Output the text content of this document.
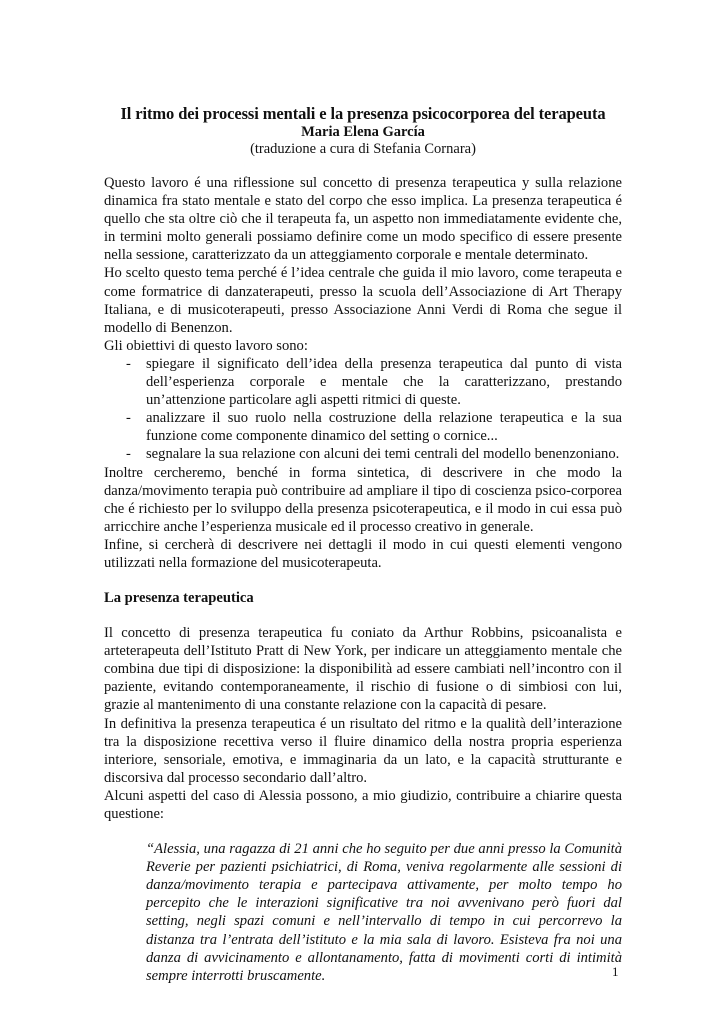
Il ritmo dei processi mentali e la presenza psicocorporea del terapeuta

Maria Elena García

(traduzione a cura di Stefania Cornara)

Questo lavoro é una riflessione sul concetto di presenza terapeutica y sulla relazione dinamica fra stato mentale e stato del corpo che esso implica. La presenza terapeutica é quello che sta oltre ciò che il terapeuta fa, un aspetto non immediatamente evidente che, in termini molto generali possiamo definire come un modo specifico di essere presente nella sessione, caratterizzato da un atteggiamento corporale e mentale determinato.

Ho scelto questo tema perché é l’idea centrale che guida il mio lavoro, come terapeuta e come formatrice di danzaterapeuti, presso la scuola dell’Associazione di Art Therapy Italiana, e di musicoterapeuti, presso Associazione Anni Verdi di Roma che segue il modello di Benenzon.

Gli obiettivi di questo lavoro sono:

- spiegare il significato dell’idea della presenza terapeutica dal punto di vista dell’esperienza corporale e mentale che la caratterizzano, prestando un’attenzione particolare agli aspetti ritmici di queste.
- analizzare il suo ruolo nella costruzione della relazione terapeutica e la sua funzione come componente dinamico del setting o cornice...
- segnalare la sua relazione con alcuni dei temi centrali del modello benenzoniano.

Inoltre cercheremo, benché in forma sintetica, di descrivere in che modo la danza/movimento terapia può contribuire ad ampliare il tipo di coscienza psico-corporea che é richiesto per lo sviluppo della presenza psicoterapeutica, e il modo in cui essa può arricchire anche l’esperienza musicale ed il processo creativo in generale.

Infine, si cercherà di descrivere nei dettagli il modo in cui questi elementi vengono utilizzati nella formazione del musicoterapeuta.

La presenza terapeutica

Il concetto di presenza terapeutica fu coniato da Arthur Robbins, psicoanalista e arteterapeuta dell’Istituto Pratt di New York, per indicare un atteggiamento mentale che combina due tipi di disposizione: la disponibilità ad essere cambiati nell’incontro con il paziente, evitando contemporaneamente, il rischio di fusione o di simbiosi con lui, grazie al mantenimento di una constante relazione con la capacità di pesare.

In definitiva la presenza terapeutica é un risultato del ritmo e la qualità dell’interazione tra la disposizione recettiva verso il fluire dinamico della nostra propria esperienza interiore, sensoriale, emotiva, e immaginaria da un lato, e la capacità strutturante e discorsiva dal processo secondario dall’altro.

Alcuni aspetti del caso di Alessia possono, a mio giudizio, contribuire a chiarire questa questione:

“Alessia, una ragazza di 21 anni che ho seguito per due anni presso la Comunità Reverie per pazienti psichiatrici, di Roma, veniva regolarmente alle sessioni di danza/movimento terapia e partecipava attivamente, per molto tempo ho percepito che le interazioni significative tra noi avvenivano però fuori dal setting, negli spazi comuni e nell’intervallo di tempo in cui percorrevo la distanza tra l’entrata dell’istituto e la mia sala di lavoro. Esisteva fra noi una danza di avvicinamento e allontanamento, fatta di movimenti corti di intimità sempre interrotti bruscamente.	1
